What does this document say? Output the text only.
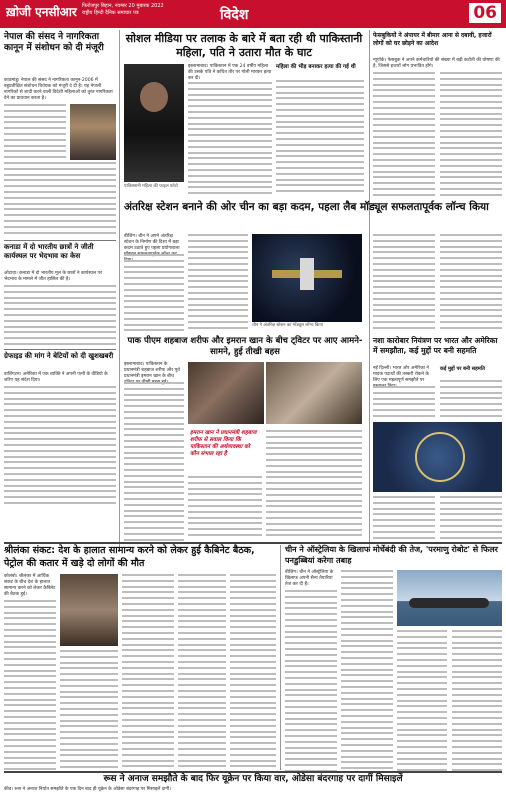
ख़ोजी एनसीआर फिरोजपुर बिहान, नवम्बर 20 मुबारक 2022
राष्ट्रीय हिन्दी दैनिक समाचार पत्र	विदेश	06
नेपाल की संसद ने नागरिकता कानून में संशोधन को दी मंजूरी
काठमांडू। नेपाल की संसद ने नागरिकता कानून-2006 में बहुप्रतीक्षित संशोधन विधेयक को मंजूरी दे दी है। यह नेपाली नागरिकों से शादी करने वाली विदेशी महिलाओं को तुरंत नागरिकता देने का प्रावधान करता है।
कनाडा में दो भारतीय छात्रों ने जीती कार्यस्थल पर भेदभाव का केस
ओटावा। कनाडा में दो भारतीय मूल के छात्रों ने कार्यस्थल पर भेदभाव के मामले में जीत हासिल की है।
ग्रेफाइड की मांग ने बेटियों को दी खुशखबरी
वाशिंगटन। अमेरिका में एक व्यक्ति ने अपनी पत्नी के वीडियो के जरिए यह संदेश दिया।
सोशल मीडिया पर तलाक के बारे में बता रही थी पाकिस्तानी महिला, पति ने उतारा मौत के घाट
पाकिस्तानी महिला की फाइल फोटो
इस्लामाबाद। पाकिस्तान में एक 24 वर्षीय महिला की उसके पति ने कथित तौर पर गोली मारकर हत्या कर दी।
महिला की भीड़ बनाकर हत्या की गई थी
फेसबुकियों ने अंपायर में बीमार आना से दबावी, हजारों लोगों को घर छोड़ने का आदेश
न्यूयॉर्क। फेसबुक ने अपने कर्मचारियों की संख्या में बड़ी कटौती की घोषणा की है, जिससे हजारों लोग प्रभावित होंगे।
अंतरिक्ष स्टेशन बनाने की ओर चीन का बड़ा कदम, पहला लैब मॉड्यूल सफलतापूर्वक लॉन्च किया
बीजिंग। चीन ने अपने अंतरिक्ष स्टेशन के निर्माण की दिशा में बड़ा कदम उठाते हुए पहला प्रयोगशाला
चीन ने अंतरिक्ष स्टेशन का मॉड्यूल लॉन्च किया
पाक पीएम शहबाज शरीफ और इमरान खान के बीच ट्विटर पर आए आमने-सामने, हुई तीखी बहस
इस्लामाबाद। पाकिस्तान के प्रधानमंत्री शहबाज शरीफ और पूर्व प्रधानमंत्री इमरान खान के बीच
इमरान खान ने प्रधानमंत्री शहबाज शरीफ से सवाल किया कि पाकिस्तान की अर्थव्यवस्था को कौन संभाल रहा है
नशा कारोबार नियंत्रण पर भारत और अमेरिका में समझौता, कई मुद्दों पर बनी सहमति
नई दिल्ली। भारत और अमेरिका ने मादक पदार्थों की तस्करी रोकने के लिए एक महत्वपूर्ण समझौते पर
कई मुद्दों पर बनी सहमति
श्रीलंका संकट: देश के हालात सामान्य करने को लेकर हुई कैबिनेट बैठक, पेट्रोल की कतार में खड़े दो लोगों की मौत
कोलंबो। श्रीलंका में आर्थिक संकट के बीच देश के हालात सामान्य करने को लेकर कैबिनेट की बैठक हुई।
चीन ने ऑस्ट्रेलिया के खिलाफ मोर्चेबंदी की तेज, 'परमाणु रोबोट' से फिलर पनडुब्बियां करेगा तबाह
बीजिंग। चीन ने ऑस्ट्रेलिया के खिलाफ अपनी सैन्य तैयारियां तेज कर दी हैं।
रूस ने अनाज समझौते के बाद फिर यूक्रेन पर किया वार, ओडेसा बंदरगाह पर दागीं मिसाइलें
कीव। रूस ने अनाज निर्यात समझौते के एक दिन बाद ही यूक्रेन के ओडेसा बंदरगाह पर मिसाइलें दागीं।
